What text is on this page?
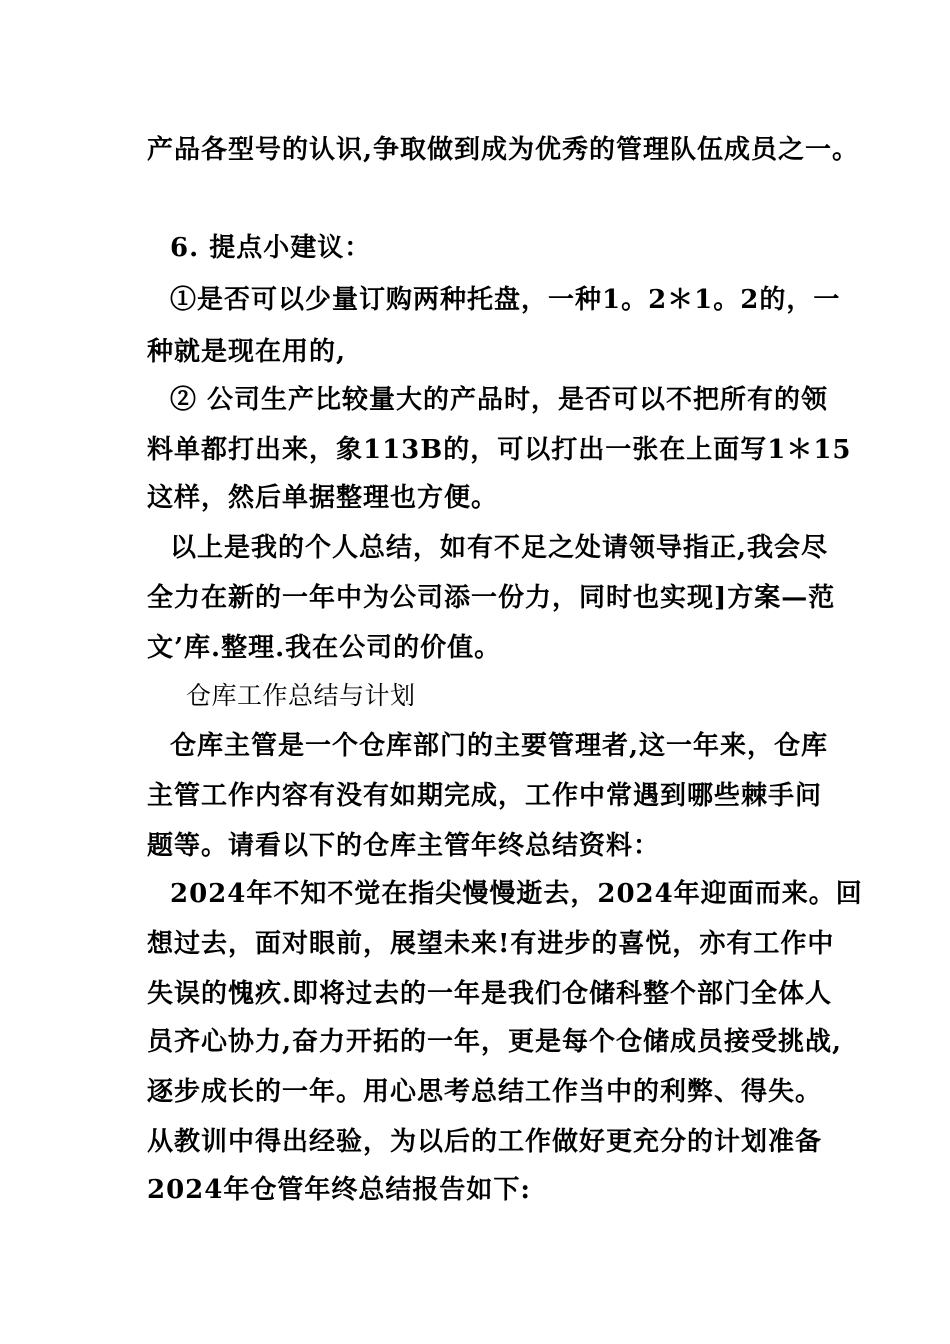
产品各型号的认识,争取做到成为优秀的管理队伍成员之一。

6. 提点小建议：

①是否可以少量订购两种托盘，一种1。2＊1。2的，一

种就是现在用的,

② 公司生产比较量大的产品时，是否可以不把所有的领

料单都打出来，象113B的，可以打出一张在上面写1＊15

这样，然后单据整理也方便。

以上是我的个人总结，如有不足之处请领导指正,我会尽

全力在新的一年中为公司添一份力，同时也实现]方案—范

文’库.整理.我在公司的价值。

仓库工作总结与计划

仓库主管是一个仓库部门的主要管理者,这一年来，仓库

主管工作内容有没有如期完成，工作中常遇到哪些棘手问

题等。请看以下的仓库主管年终总结资料：

2024年不知不觉在指尖慢慢逝去，2024年迎面而来。回

想过去，面对眼前，展望未来!有进步的喜悦，亦有工作中

失误的愧疚.即将过去的一年是我们仓储科整个部门全体人

员齐心协力,奋力开拓的一年，更是每个仓储成员接受挑战,

逐步成长的一年。用心思考总结工作当中的利弊、得失。

从教训中得出经验，为以后的工作做好更充分的计划准备

2024年仓管年终总结报告如下:
